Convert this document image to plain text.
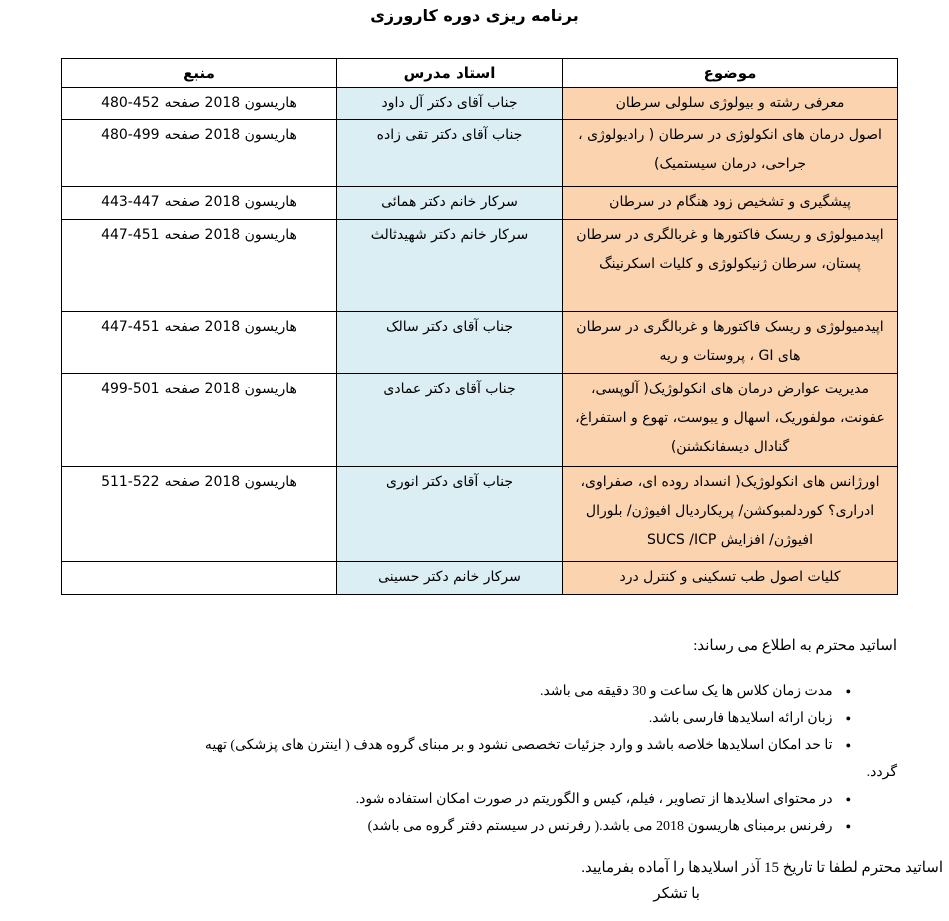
برنامه ریزی دوره کارورزی
موضوع	استاد مدرس	منبع
معرفی رشته و بیولوژی سلولی سرطان	جناب آقای دکتر آل داود	هاریسون 2018 صفحه480-452
اصول درمان های انکولوژی در سرطان ( رادیولوژی ، جراحی، درمان سیستمیک)	جناب آقای دکتر تقی زاده	هاریسون 2018 صفحه480-499
پیشگیری و تشخیص زود هنگام در سرطان	سرکار خانم دکتر همائی	هاریسون 2018 صفحه443-447
اپیدمیولوژی و ریسک فاکتورها و غربالگری در سرطان پستان، سرطان ژنیکولوژی و کلیات اسکرنینگ	سرکار خانم دکتر شهیدثالث	هاریسون 2018 صفحه447-451
اپیدمیولوژی و ریسک فاکتورها و غربالگری در سرطان های GI ، پروستات و ریه	جناب آقای دکتر سالک	هاریسون 2018 صفحه447-451
مدیریت عوارض درمان های انکولوژیک( آلوپسی، عفونت، مولفوریک، اسهال و یبوست، تهوع و استفراغ، گنادال دیسفانکشنن)	جناب آقای دکتر عمادی	هاریسون 2018 صفحه499-501
اورژانس های انکولوژیک( انسداد روده ای، صفراوی، ادراری؟ کوردلمبوکشن/ پریکاردیال افیوژن/ بلورال افیوژن/ افزایش SUCS /ICP	جناب آقای دکتر انوری	هاریسون 2018 صفحه511-522
کلیات اصول طب تسکینی و کنترل درد	سرکار خانم دکتر حسینی	
اساتید محترم به اطلاع می رساند:
●
مدت زمان کلاس ها یک ساعت و 30 دقیقه می باشد.
●
زبان ارائه اسلایدها فارسی باشد.
●
تا حد امکان اسلایدها خلاصه باشد و وارد جزئیات تخصصی نشود و بر مبنای گروه هدف ( اینترن های پزشکی) تهیه
گردد.
●
در محتوای اسلایدها از تصاویر ، فیلم، کیس و الگوریتم در صورت امکان استفاده شود.
●
رفرنس برمبنای هاریسون 2018 می باشد.( رفرنس در سیستم دفتر گروه می باشد)
اساتید محترم لطفا تا تاریخ 15 آذر اسلایدها را آماده بفرمایید.
با تشکر
